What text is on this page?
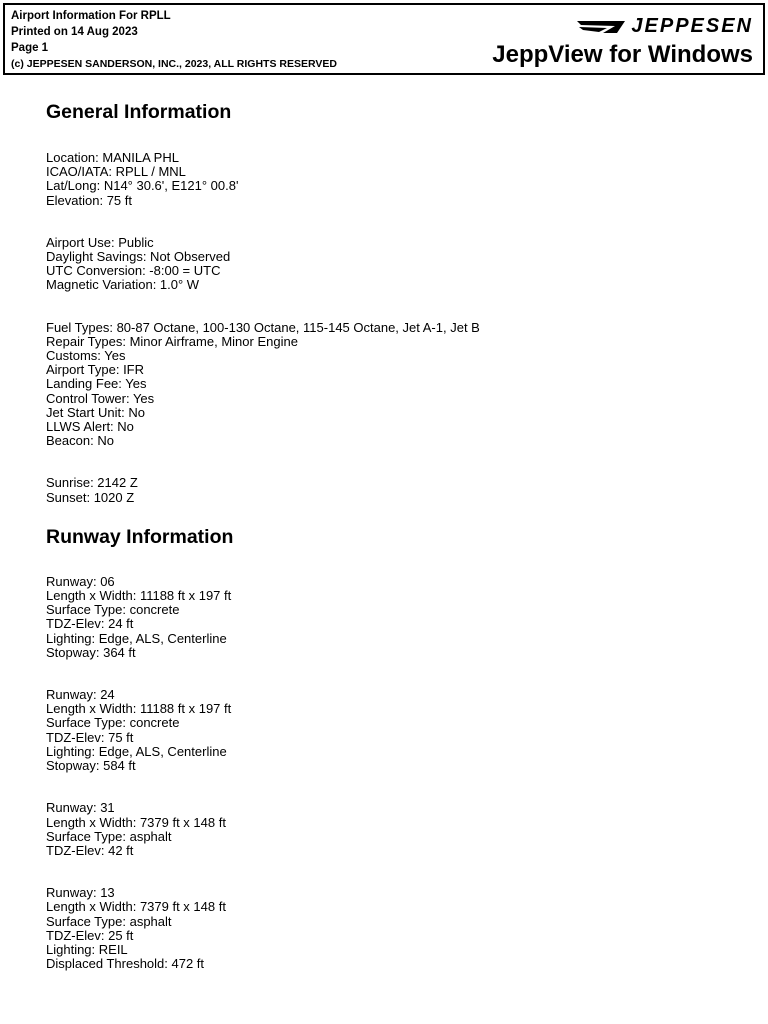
Airport Information For RPLL
Printed on 14 Aug 2023
Page 1
(c) JEPPESEN SANDERSON, INC., 2023, ALL RIGHTS RESERVED
JEPPESEN
JeppView for Windows
General Information
Location: MANILA PHL
ICAO/IATA: RPLL / MNL
Lat/Long: N14° 30.6', E121° 00.8'
Elevation: 75 ft
Airport Use: Public
Daylight Savings: Not Observed
UTC Conversion: -8:00 = UTC
Magnetic Variation: 1.0° W
Fuel Types: 80-87 Octane, 100-130 Octane, 115-145 Octane, Jet A-1, Jet B
Repair Types: Minor Airframe, Minor Engine
Customs: Yes
Airport Type: IFR
Landing Fee: Yes
Control Tower: Yes
Jet Start Unit: No
LLWS Alert: No
Beacon: No
Sunrise: 2142 Z
Sunset: 1020 Z
Runway Information
Runway: 06
Length x Width: 11188 ft x 197 ft
Surface Type: concrete
TDZ-Elev: 24 ft
Lighting: Edge, ALS, Centerline
Stopway: 364 ft
Runway: 24
Length x Width: 11188 ft x 197 ft
Surface Type: concrete
TDZ-Elev: 75 ft
Lighting: Edge, ALS, Centerline
Stopway: 584 ft
Runway: 31
Length x Width: 7379 ft x 148 ft
Surface Type: asphalt
TDZ-Elev: 42 ft
Runway: 13
Length x Width: 7379 ft x 148 ft
Surface Type: asphalt
TDZ-Elev: 25 ft
Lighting: REIL
Displaced Threshold: 472 ft
